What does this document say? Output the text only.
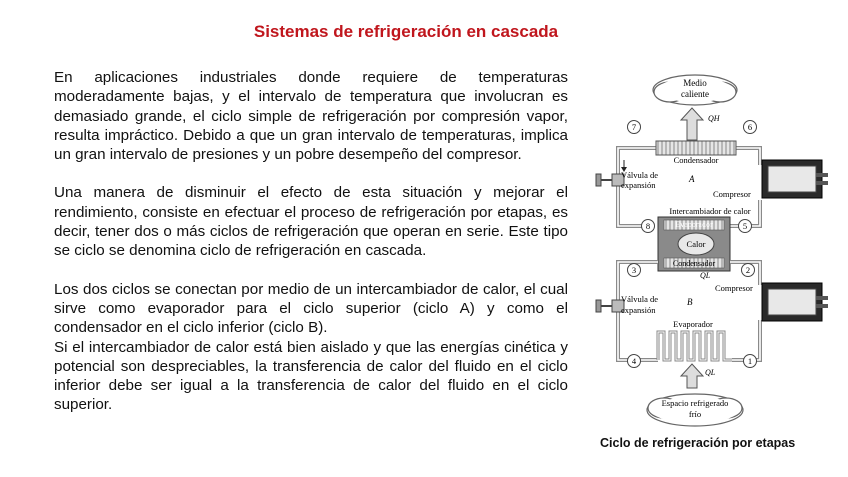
Sistemas de refrigeración en cascada

En aplicaciones industriales donde requiere de temperaturas moderadamente bajas, y el intervalo de temperatura que involucran es demasiado grande, el ciclo simple de refrigeración por compresión vapor, resulta imprácticо. Debido a que un gran intervalo de temperaturas, implica un gran intervalo de presiones y un pobre desempeño del compresor.

Una manera de disminuir el efecto de esta situación y mejorar el rendimiento, consiste en efectuar el proceso de refrigeración por etapas, es decir, tener dos o más ciclos de refrigeración que operan en serie. Este tipo se ciclo se denomina ciclo de refrigeración en cascada.

Los dos ciclos se conectan por medio de un intercambiador de calor, el cual sirve como evaporador para el ciclo superior (ciclo A) y como el condensador en el ciclo inferior (ciclo B).

Si el intercambiador de calor está bien aislado y que las energías cinética y potencial son despreciables, la transferencia de calor del fluido en el ciclo inferior debe ser igual a la transferencia de calor del fluido en el ciclo superior.

Medio
caliente
QH
Condensador
7	6
8	5
Válvula de
expansión
A
Compresor
Intercambiador de calor
Evaporador
Calor
Condensador
QL
3	2
4	1
Compresor
Válvula de
expansión
B
Evaporador
QL
Espacio refrigerado
frío
Ciclo de refrigeración por etapas
